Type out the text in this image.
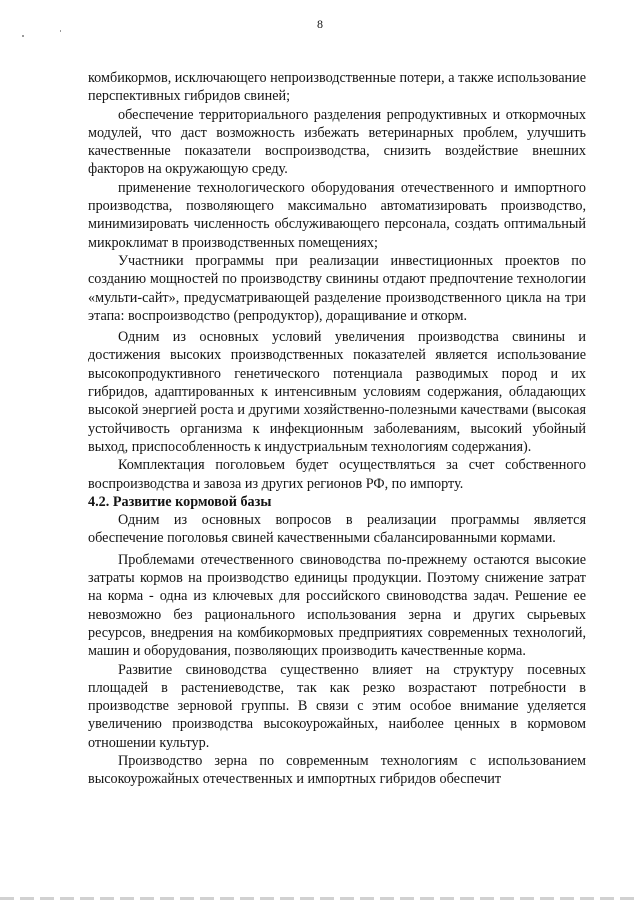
8

комбикормов, исключающего непроизводственные потери, а также использование перспективных гибридов свиней;

обеспечение территориального разделения репродуктивных и откормочных модулей, что даст возможность избежать ветеринарных проблем, улучшить качественные показатели воспроизводства, снизить воздействие внешних факторов на окружающую среду.

применение технологического оборудования отечественного и импортного производства, позволяющего максимально автоматизировать производство, минимизировать численность обслуживающего персонала, создать оптимальный микроклимат в производственных помещениях;

Участники программы при реализации инвестиционных проектов по созданию мощностей по производству свинины отдают предпочтение технологии «мульти-сайт», предусматривающей разделение производственного цикла на три этапа: воспроизводство (репродуктор), доращивание и откорм.

Одним из основных условий увеличения производства свинины и достижения высоких производственных показателей является использование высокопродуктивного генетического потенциала разводимых пород и их гибридов, адаптированных к интенсивным условиям содержания, обладающих высокой энергией роста и другими хозяйственно-полезными качествами (высокая устойчивость организма к инфекционным заболеваниям, высокий убойный выход, приспособленность к индустриальным технологиям содержания).

Комплектация поголовьем будет осуществляться за счет собственного воспроизводства и завоза из других регионов РФ, по импорту.

4.2. Развитие кормовой базы

Одним из основных вопросов в реализации программы является обеспечение поголовья свиней качественными сбалансированными кормами.

Проблемами отечественного свиноводства по-прежнему остаются высокие затраты кормов на производство единицы продукции. Поэтому снижение затрат на корма - одна из ключевых для российского свиноводства задач. Решение ее невозможно без рационального использования зерна и других сырьевых ресурсов, внедрения на комбикормовых предприятиях современных технологий, машин и оборудования, позволяющих производить качественные корма.

Развитие свиноводства существенно влияет на структуру посевных площадей в растениеводстве, так как резко возрастают потребности в производстве зерновой группы. В связи с этим особое внимание уделяется увеличению производства высокоурожайных, наиболее ценных в кормовом отношении культур.

Производство зерна по современным технологиям с использованием высокоурожайных отечественных и импортных гибридов обеспечит
